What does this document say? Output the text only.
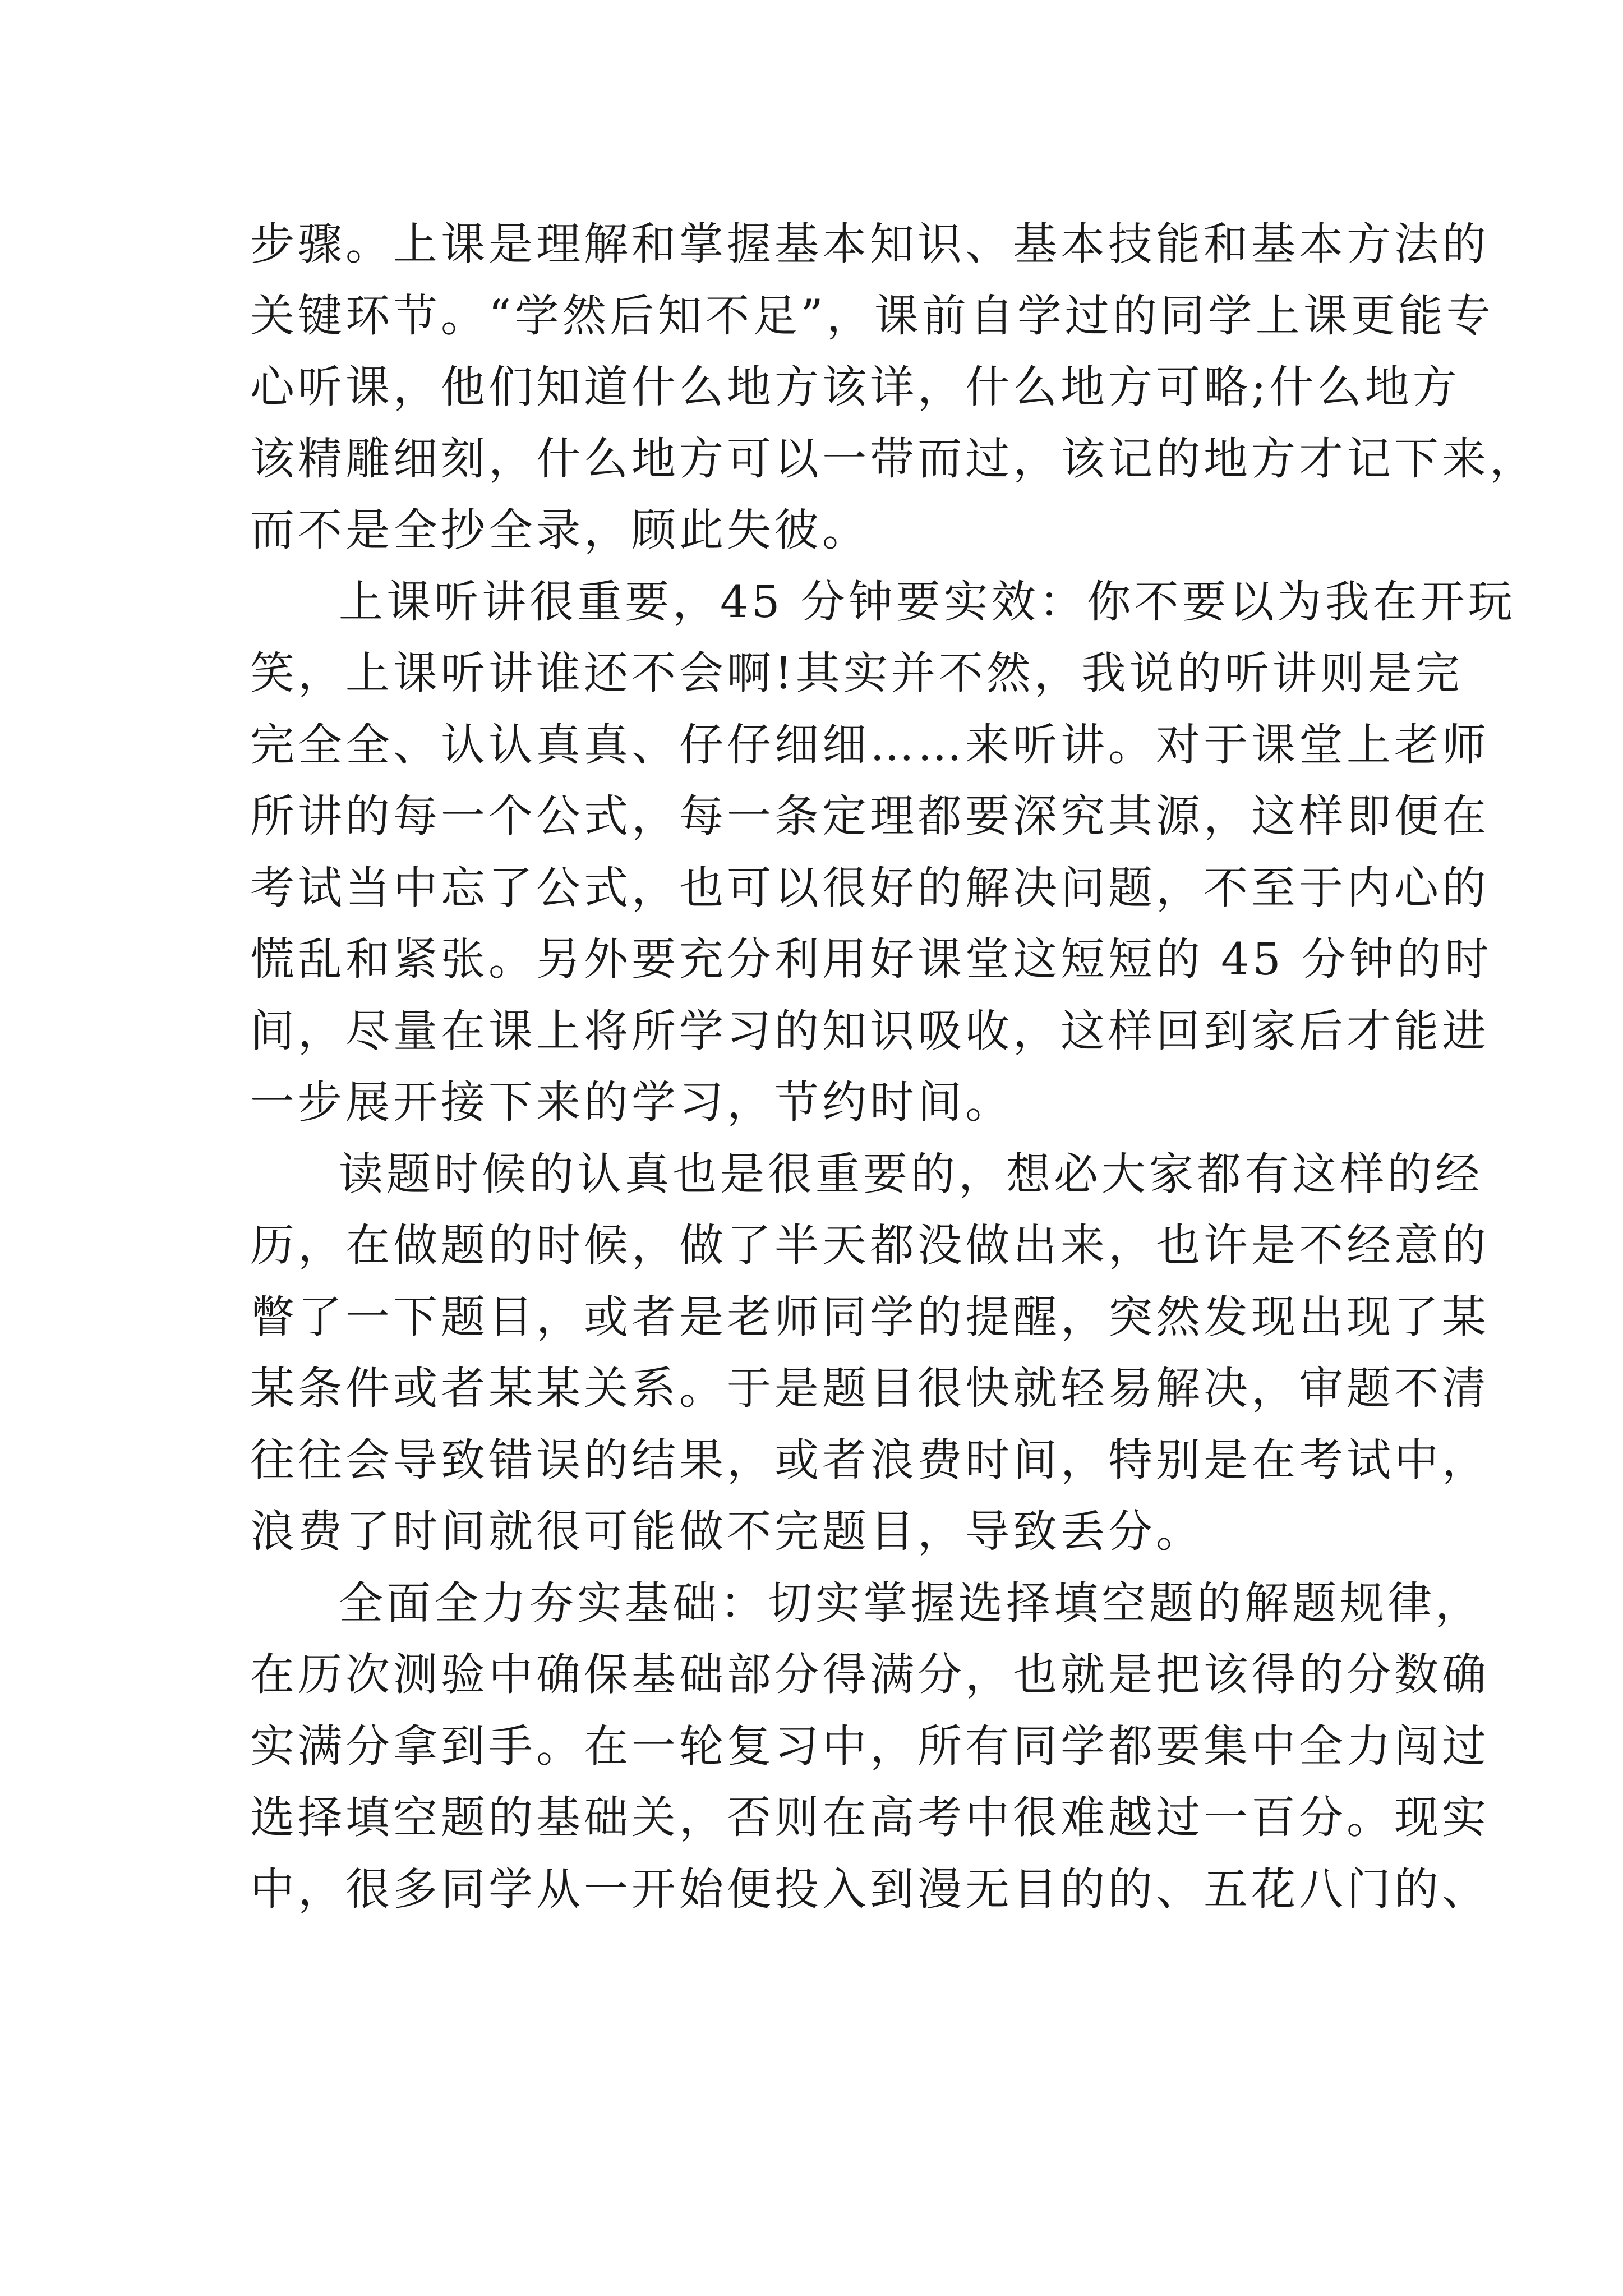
步骤。上课是理解和掌握基本知识、基本技能和基本方法的
关键环节。“学然后知不足”，课前自学过的同学上课更能专
心听课，他们知道什么地方该详，什么地方可略;什么地方
该精雕细刻，什么地方可以一带而过，该记的地方才记下来，
而不是全抄全录，顾此失彼。
上课听讲很重要，45 分钟要实效：你不要以为我在开玩
笑，上课听讲谁还不会啊!其实并不然，我说的听讲则是完
完全全、认认真真、仔仔细细……来听讲。对于课堂上老师
所讲的每一个公式，每一条定理都要深究其源，这样即便在
考试当中忘了公式，也可以很好的解决问题，不至于内心的
慌乱和紧张。另外要充分利用好课堂这短短的 45 分钟的时
间，尽量在课上将所学习的知识吸收，这样回到家后才能进
一步展开接下来的学习，节约时间。
读题时候的认真也是很重要的，想必大家都有这样的经
历，在做题的时候，做了半天都没做出来，也许是不经意的
瞥了一下题目，或者是老师同学的提醒，突然发现出现了某
某条件或者某某关系。于是题目很快就轻易解决，审题不清
往往会导致错误的结果，或者浪费时间，特别是在考试中，
浪费了时间就很可能做不完题目，导致丢分。
全面全力夯实基础：切实掌握选择填空题的解题规律，
在历次测验中确保基础部分得满分，也就是把该得的分数确
实满分拿到手。在一轮复习中，所有同学都要集中全力闯过
选择填空题的基础关，否则在高考中很难越过一百分。现实
中，很多同学从一开始便投入到漫无目的的、五花八门的、
